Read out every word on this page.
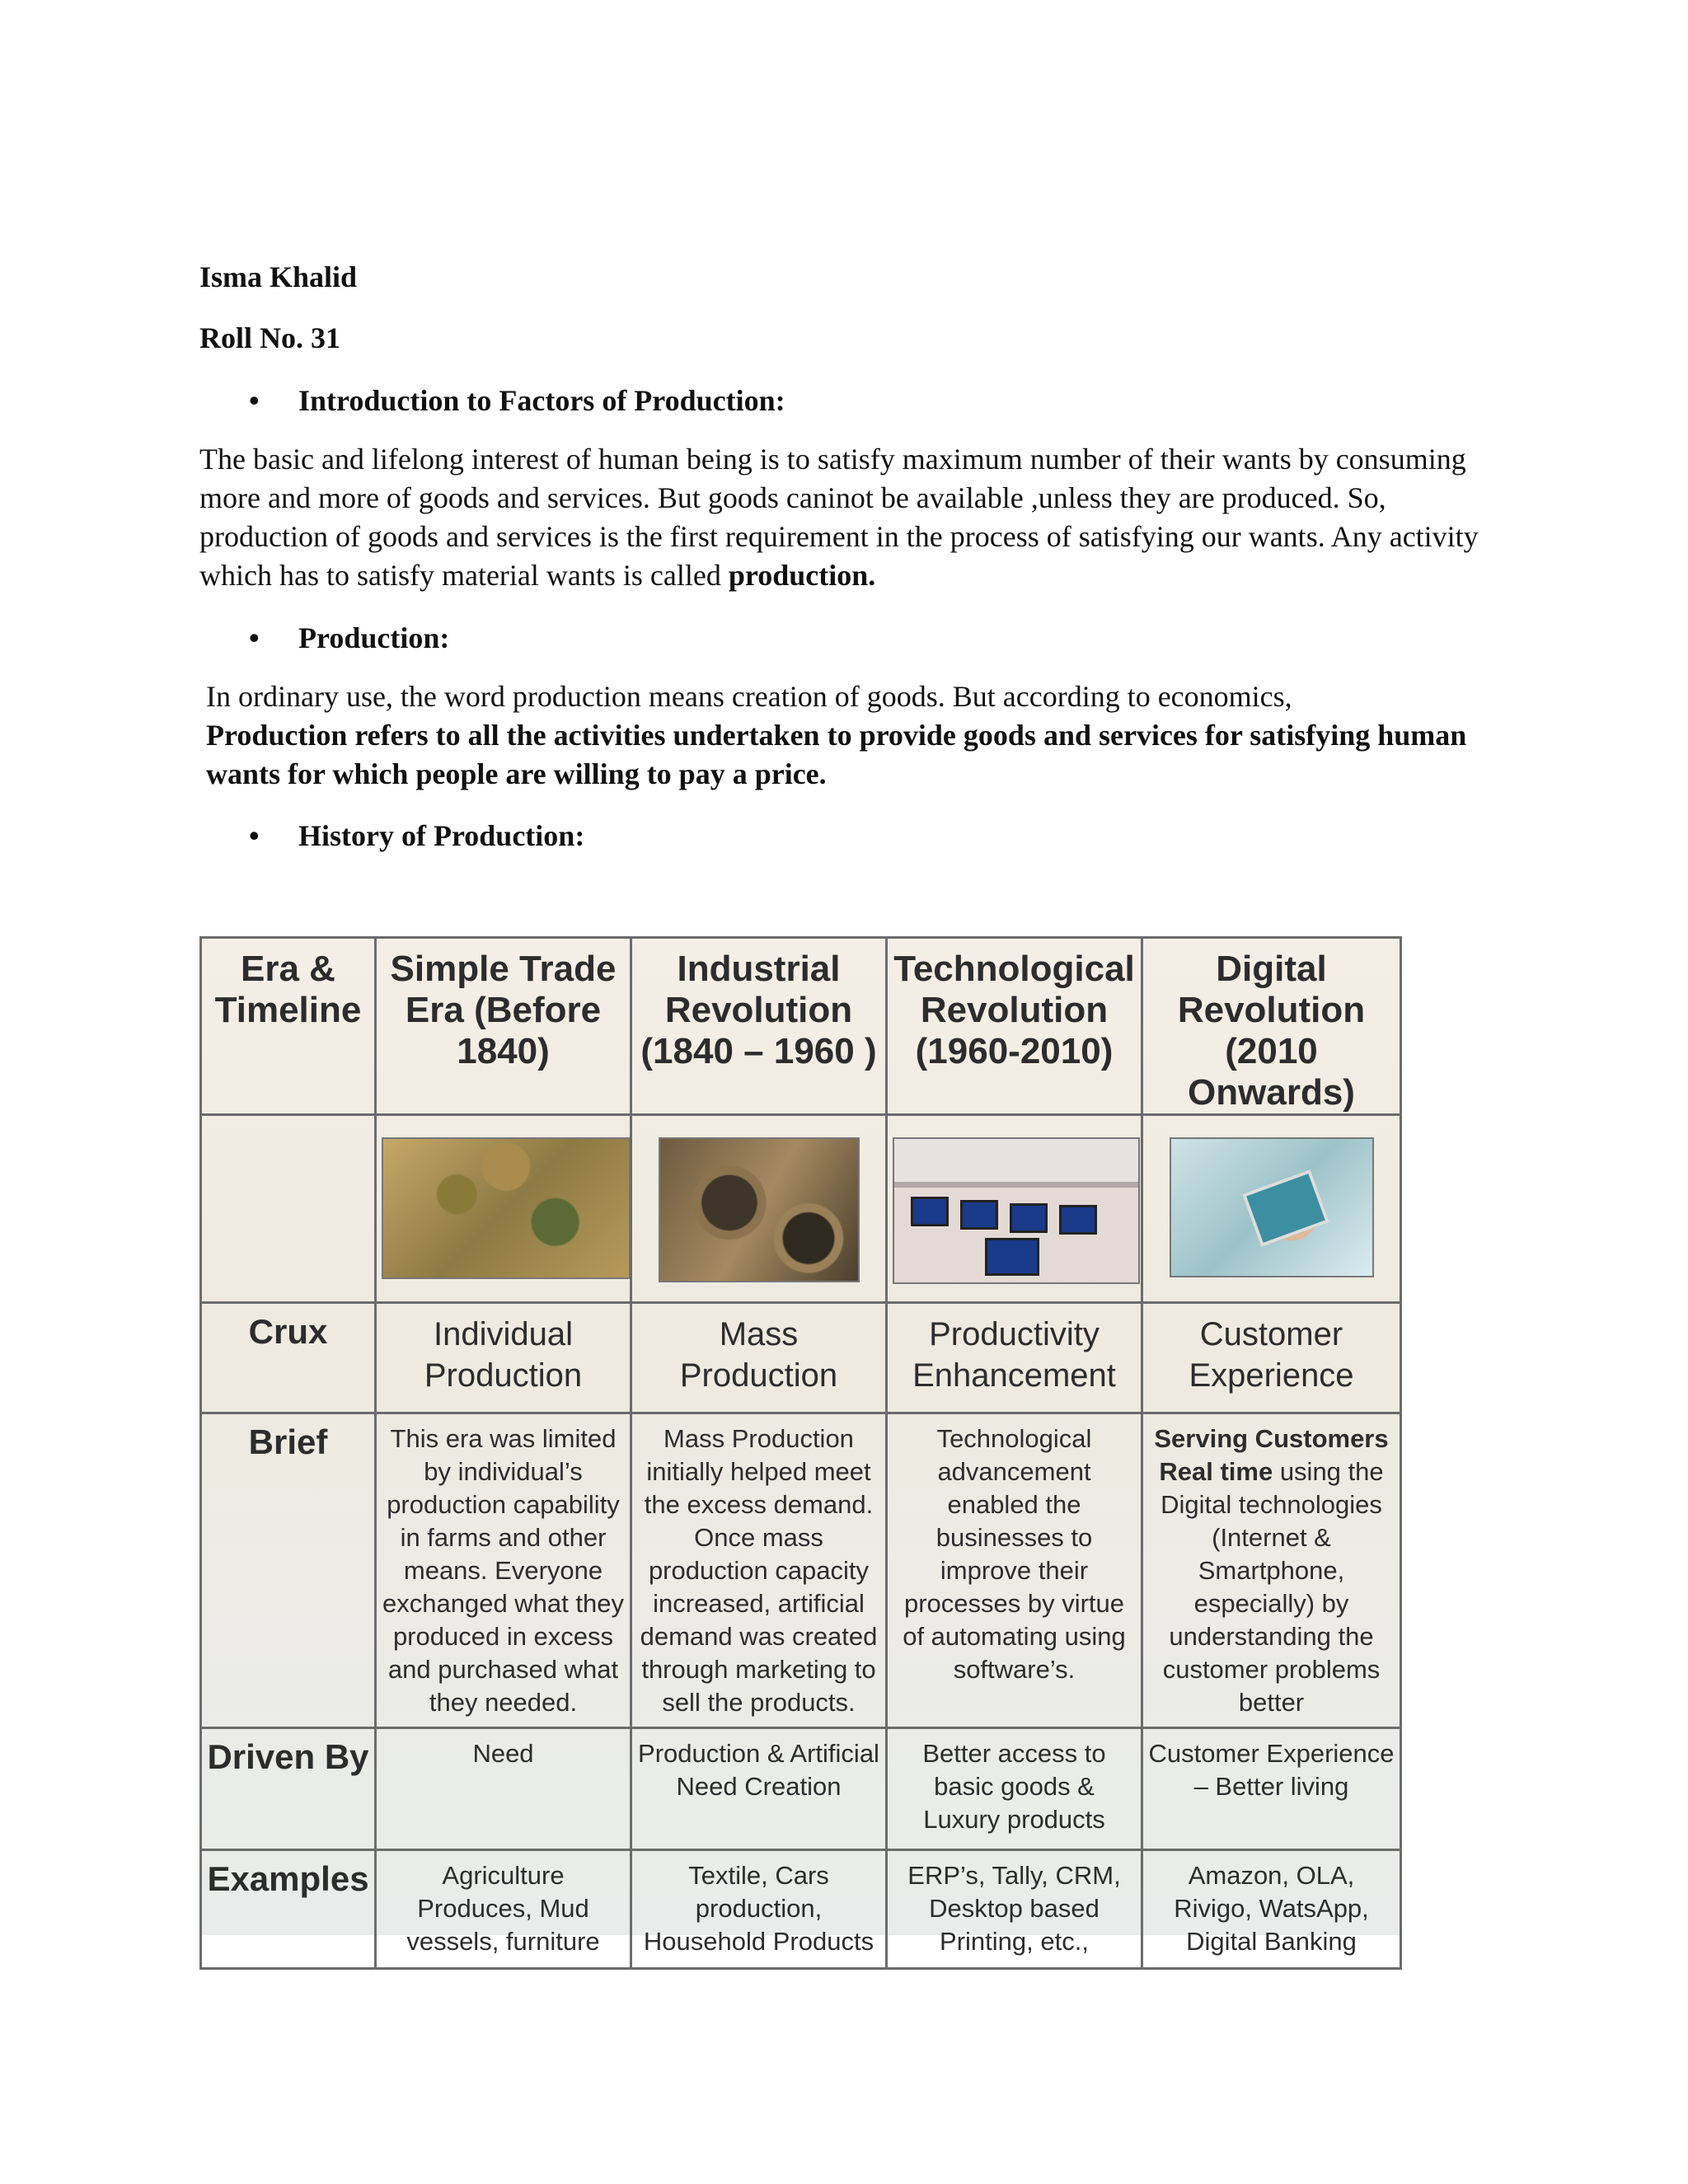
Isma Khalid

Roll No. 31

• Introduction to Factors of Production:
The basic and lifelong interest of human being is to satisfy maximum number of their wants by consuming more and more of goods and services. But goods caninot be available ,unless they are produced. So, production of goods and services is the first requirement in the process of satisfying our wants. Any activity which has to satisfy material wants is called production.
• Production:
In ordinary use, the word production means creation of goods. But according to economics,
Production refers to all the activities undertaken to provide goods and services for satisfying human wants for which people are willing to pay a price.
• History of Production:
Era & Timeline	Simple Trade Era (Before 1840)	Industrial Revolution (1840 – 1960 )	Technological Revolution (1960-2010)	Digital Revolution (2010 Onwards)

Crux	Individual Production	Mass Production	Productivity Enhancement	Customer Experience
Brief	This era was limited by individual’s production capability in farms and other means. Everyone exchanged what they produced in excess and purchased what they needed.	Mass Production initially helped meet the excess demand. Once mass production capacity increased, artificial demand was created through marketing to sell the products.	Technological advancement enabled the businesses to improve their processes by virtue of automating using software’s.	Serving Customers Real time using the Digital technologies (Internet & Smartphone, especially) by understanding the customer problems better
Driven By	Need	Production & Artificial Need Creation	Better access to basic goods & Luxury products	Customer Experience – Better living
Examples	Agriculture Produces, Mud vessels, furniture	Textile, Cars production, Household Products	ERP’s, Tally, CRM, Desktop based Printing, etc.,	Amazon, OLA, Rivigo, WatsApp, Digital Banking
